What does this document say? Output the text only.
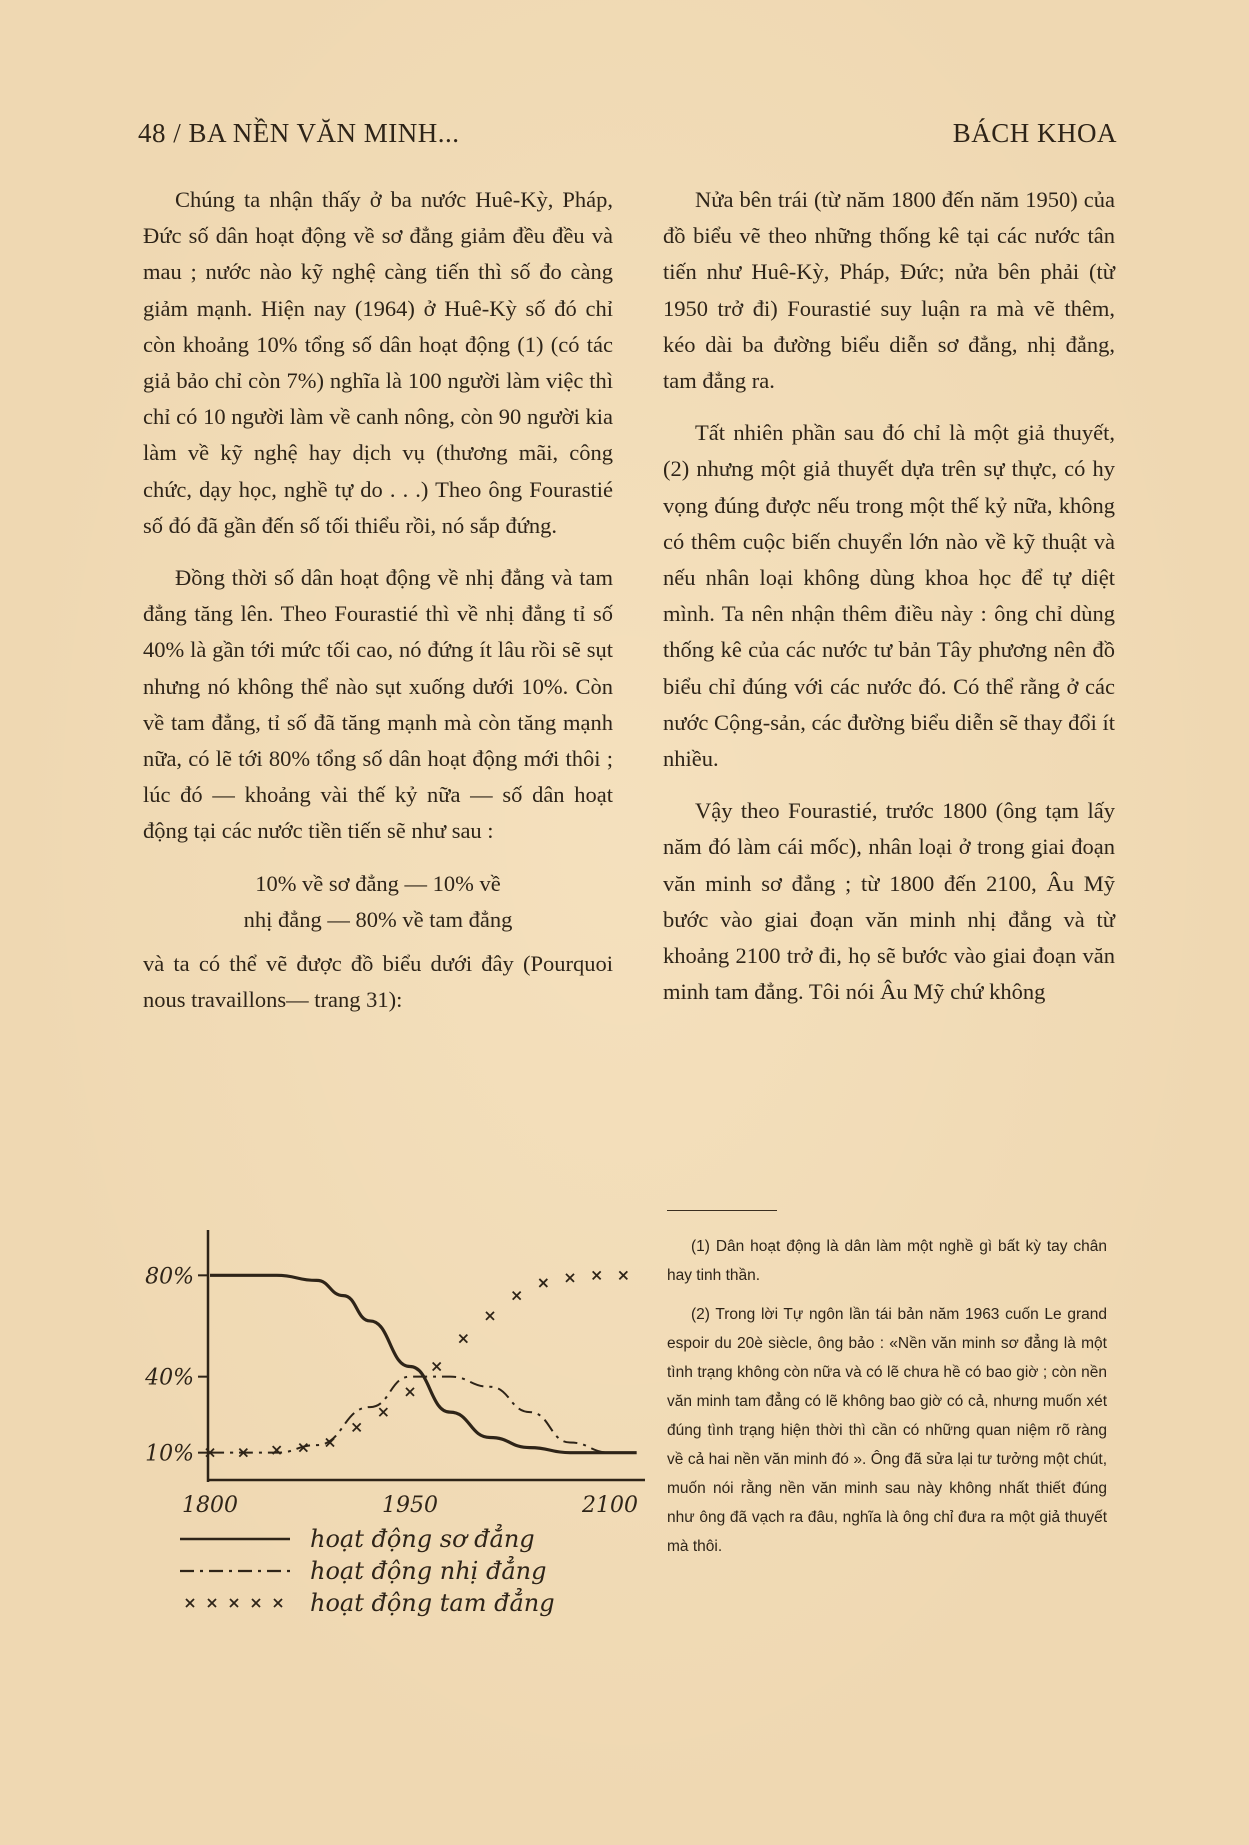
48 / BA NỀN VĂN MINH...	BÁCH KHOA

Chúng ta nhận thấy ở ba nước Huê-Kỳ, Pháp, Đức số dân hoạt động về sơ đẳng giảm đều đều và mau ; nước nào kỹ nghệ càng tiến thì số đo càng giảm mạnh. Hiện nay (1964) ở Huê-Kỳ số đó chỉ còn khoảng 10% tổng số dân hoạt động (1) (có tác giả bảo chỉ còn 7%) nghĩa là 100 người làm việc thì chỉ có 10 người làm về canh nông, còn 90 người kia làm về kỹ nghệ hay dịch vụ (thương mãi, công chức, dạy học, nghề tự do . . .) Theo ông Fourastié số đó đã gần đến số tối thiểu rồi, nó sắp đứng.

Đồng thời số dân hoạt động về nhị đẳng và tam đẳng tăng lên. Theo Fourastié thì về nhị đẳng tỉ số 40% là gần tới mức tối cao, nó đứng ít lâu rồi sẽ sụt nhưng nó không thể nào sụt xuống dưới 10%. Còn về tam đẳng, tỉ số đã tăng mạnh mà còn tăng mạnh nữa, có lẽ tới 80% tổng số dân hoạt động mới thôi ; lúc đó — khoảng vài thế kỷ nữa — số dân hoạt động tại các nước tiền tiến sẽ như sau :

10% về sơ đẳng — 10% về
nhị đẳng — 80% về tam đẳng

và ta có thể vẽ được đồ biểu dưới đây (Pourquoi nous travaillons— trang 31):

Nửa bên trái (từ năm 1800 đến năm 1950) của đồ biểu vẽ theo những thống kê tại các nước tân tiến như Huê-Kỳ, Pháp, Đức; nửa bên phải (từ 1950 trở đi) Fourastié suy luận ra mà vẽ thêm, kéo dài ba đường biểu diễn sơ đẳng, nhị đẳng, tam đẳng ra.

Tất nhiên phần sau đó chỉ là một giả thuyết, (2) nhưng một giả thuyết dựa trên sự thực, có hy vọng đúng được nếu trong một thế kỷ nữa, không có thêm cuộc biến chuyển lớn nào về kỹ thuật và nếu nhân loại không dùng khoa học để tự diệt mình. Ta nên nhận thêm điều này : ông chỉ dùng thống kê của các nước tư bản Tây phương nên đồ biểu chỉ đúng với các nước đó. Có thể rằng ở các nước Cộng-sản, các đường biểu diễn sẽ thay đổi ít nhiều.

Vậy theo Fourastié, trước 1800 (ông tạm lấy năm đó làm cái mốc), nhân loại ở trong giai đoạn văn minh sơ đẳng ; từ 1800 đến 2100, Âu Mỹ bước vào giai đoạn văn minh nhị đẳng và từ khoảng 2100 trở đi, họ sẽ bước vào giai đoạn văn minh tam đẳng. Tôi nói Âu Mỹ chứ không

(1) Dân hoạt động là dân làm một nghề gì bất kỳ tay chân hay tinh thần.

(2) Trong lời Tự ngôn lần tái bản năm 1963 cuốn Le grand espoir du 20è siècle, ông bảo : «Nền văn minh sơ đẳng là một tình trạng không còn nữa và có lẽ chưa hề có bao giờ ; còn nền văn minh tam đẳng có lẽ không bao giờ có cả, nhưng muốn xét đúng tình trạng hiện thời thì cần có những quan niệm rõ ràng về cả hai nền văn minh đó ». Ông đã sửa lại tư tưởng một chút, muốn nói rằng nền văn minh sau này không nhất thiết đúng như ông đã vạch ra đâu, nghĩa là ông chỉ đưa ra một giả thuyết mà thôi.

80%
40%
10%
1800	1950	2100
hoạt động sơ đẳng
hoạt động nhị đẳng
hoạt động tam đẳng
